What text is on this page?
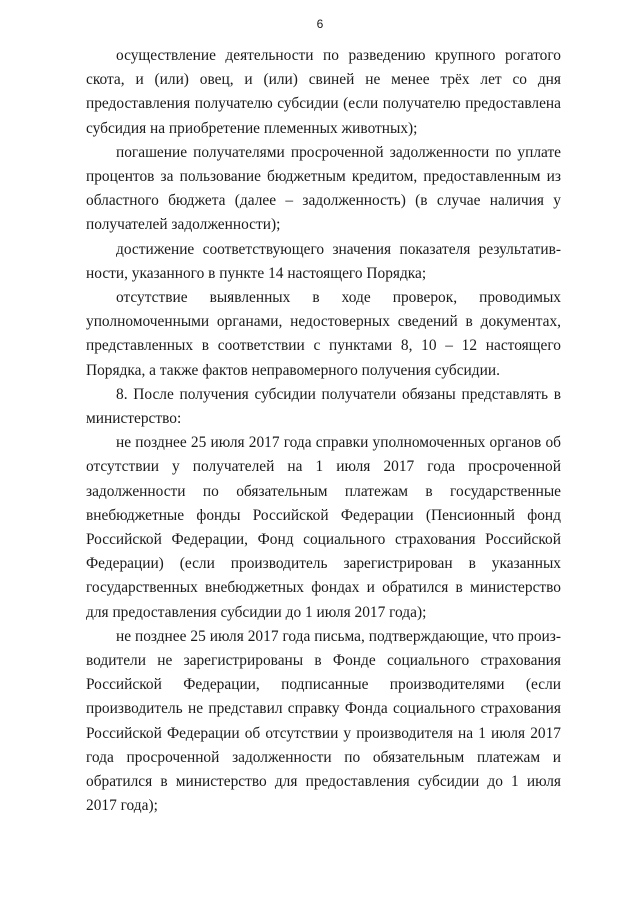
6

осуществление деятельности по разведению крупного рогатого скота, и (или) овец, и (или) свиней не менее трёх лет со дня предоставления получателю субсидии (если получателю предоставлена субсидия на приобретение племенных животных);

погашение получателями просроченной задолженности по уплате процентов за пользование бюджетным кредитом, предоставленным из областного бюджета (далее – задолженность) (в случае наличия у получателей задолженности);

достижение соответствующего значения показателя результативности, указанного в пункте 14 настоящего Порядка;

отсутствие выявленных в ходе проверок, проводимых уполномоченными органами, недостоверных сведений в документах, представленных в соответствии с пунктами 8, 10 – 12 настоящего Порядка, а также фактов неправомерного получения субсидии.

8. После получения субсидии получатели обязаны представлять в министерство:

не позднее 25 июля 2017 года справки уполномоченных органов об отсутствии у получателей на 1 июля 2017 года просроченной задолженности по обязательным платежам в государственные внебюджетные фонды Российской Федерации (Пенсионный фонд Российской Федерации, Фонд социального страхования Российской Федерации) (если производитель зарегистрирован в указанных государственных внебюджетных фондах и обратился в министерство для предоставления субсидии до 1 июля 2017 года);

не позднее 25 июля 2017 года письма, подтверждающие, что производители не зарегистрированы в Фонде социального страхования Российской Федерации, подписанные производителями (если производитель не представил справку Фонда социального страхования Российской Федерации об отсутствии у производителя на 1 июля 2017 года просроченной задолженности по обязательным платежам и обратился в министерство для предоставления субсидии до 1 июля 2017 года);
